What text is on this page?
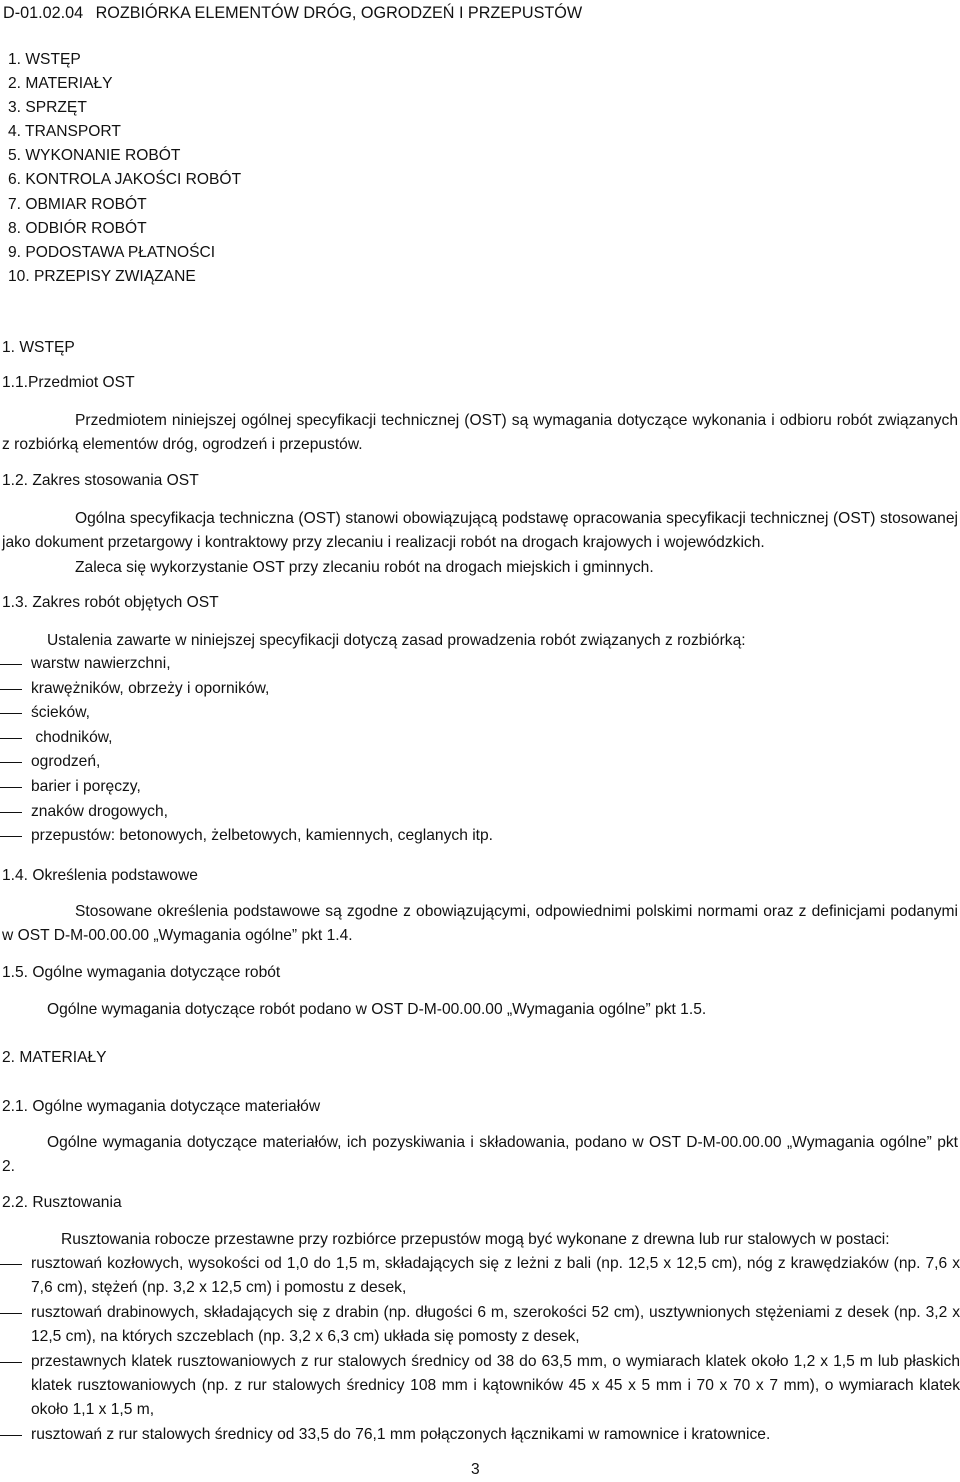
D-01.02.04 ROZBIÓRKA ELEMENTÓW DRÓG, OGRODZEŃ I PRZEPUSTÓW
1. WSTĘP
2. MATERIAŁY
3. SPRZĘT
4. TRANSPORT
5. WYKONANIE ROBÓT
6. KONTROLA JAKOŚCI ROBÓT
7. OBMIAR ROBÓT
8. ODBIÓR ROBÓT
9. PODOSTAWA PŁATNOŚCI
10. PRZEPISY ZWIĄZANE
1. WSTĘP
1.1.Przedmiot OST
Przedmiotem niniejszej ogólnej specyfikacji technicznej (OST) są wymagania dotyczące wykonania i odbioru robót związanych z rozbiórką elementów dróg, ogrodzeń i przepustów.
1.2. Zakres stosowania OST
Ogólna specyfikacja techniczna (OST) stanowi obowiązującą podstawę opracowania specyfikacji technicznej (OST) stosowanej jako dokument przetargowy i kontraktowy przy zlecaniu i realizacji robót na drogach krajowych i wojewódzkich.
Zaleca się wykorzystanie OST przy zlecaniu robót na drogach miejskich i gminnych.
1.3. Zakres robót objętych OST
Ustalenia zawarte w niniejszej specyfikacji dotyczą zasad prowadzenia robót związanych z rozbiórką:
warstw nawierzchni,
krawężników, obrzeży i oporników,
ścieków,
chodników,
ogrodzeń,
barier i poręczy,
znaków drogowych,
przepustów: betonowych, żelbetowych, kamiennych, ceglanych itp.
1.4. Określenia podstawowe
Stosowane określenia podstawowe są zgodne z obowiązującymi, odpowiednimi polskimi normami oraz z definicjami podanymi w OST D-M-00.00.00 „Wymagania ogólne” pkt 1.4.
1.5. Ogólne wymagania dotyczące robót
Ogólne wymagania dotyczące robót podano w OST D-M-00.00.00 „Wymagania ogólne” pkt 1.5.
2. MATERIAŁY
2.1. Ogólne wymagania dotyczące materiałów
Ogólne wymagania dotyczące materiałów, ich pozyskiwania i składowania, podano w OST D-M-00.00.00 „Wymagania ogólne” pkt 2.
2.2. Rusztowania
Rusztowania robocze przestawne przy rozbiórce przepustów mogą być wykonane z drewna lub rur stalowych w postaci:
rusztowań kozłowych, wysokości od 1,0 do 1,5 m, składających się z leżni z bali (np. 12,5 x 12,5 cm), nóg z krawędziaków (np. 7,6 x 7,6 cm), stężeń (np. 3,2 x 12,5 cm) i pomostu z desek,
rusztowań drabinowych, składających się z drabin (np. długości 6 m, szerokości 52 cm), usztywnionych stężeniami z desek (np. 3,2 x 12,5 cm), na których szczeblach (np. 3,2 x 6,3 cm) układa się pomosty z desek,
przestawnych klatek rusztowaniowych z rur stalowych średnicy od 38 do 63,5 mm, o wymiarach klatek około 1,2 x 1,5 m lub płaskich klatek rusztowaniowych (np. z rur stalowych średnicy 108 mm i kątowników 45 x 45 x 5 mm i 70 x 70 x 7 mm), o wymiarach klatek około 1,1 x 1,5 m,
rusztowań z rur stalowych średnicy od 33,5 do 76,1 mm połączonych łącznikami w ramownice i kratownice.
3
